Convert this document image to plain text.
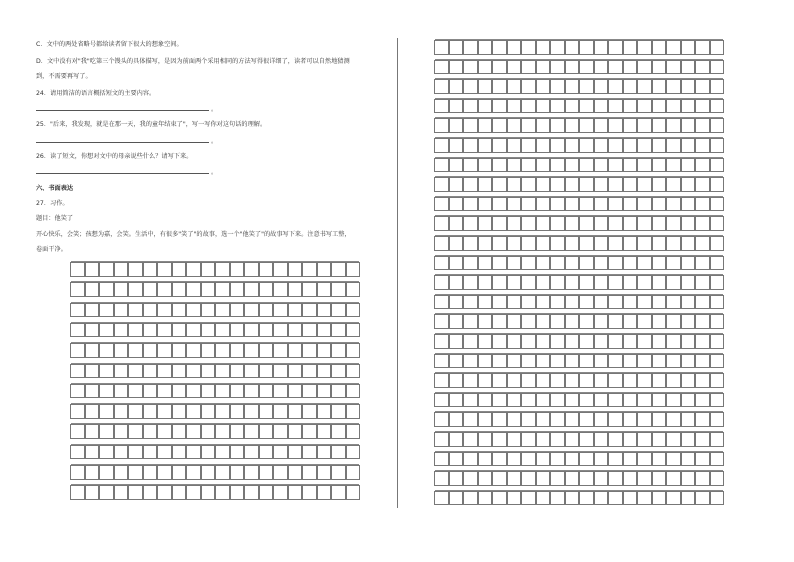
C．文中的两处省略号都给读者留下很大的想象空间。
D．文中没有对"我"吃第三个馒头的具体描写，是因为前面两个采用相同的方法写得很详细了，读者可以自然地猜测
到，不需要再写了。
24．请用简洁的语言概括短文的主要内容。
。
25．"后来，我发现，就是在那一天，我的童年结束了"，写一写你对这句话的理解。
。
26．读了短文，你想对文中的母亲说些什么？请写下来。
。
六、书面表达
27．习作。
题目：他笑了
开心快乐，会笑；孩想为嘉，会笑。生活中，有很多"笑了"的故事，选一个"他笑了"的故事写下来。注意书写工整，
卷面干净。
